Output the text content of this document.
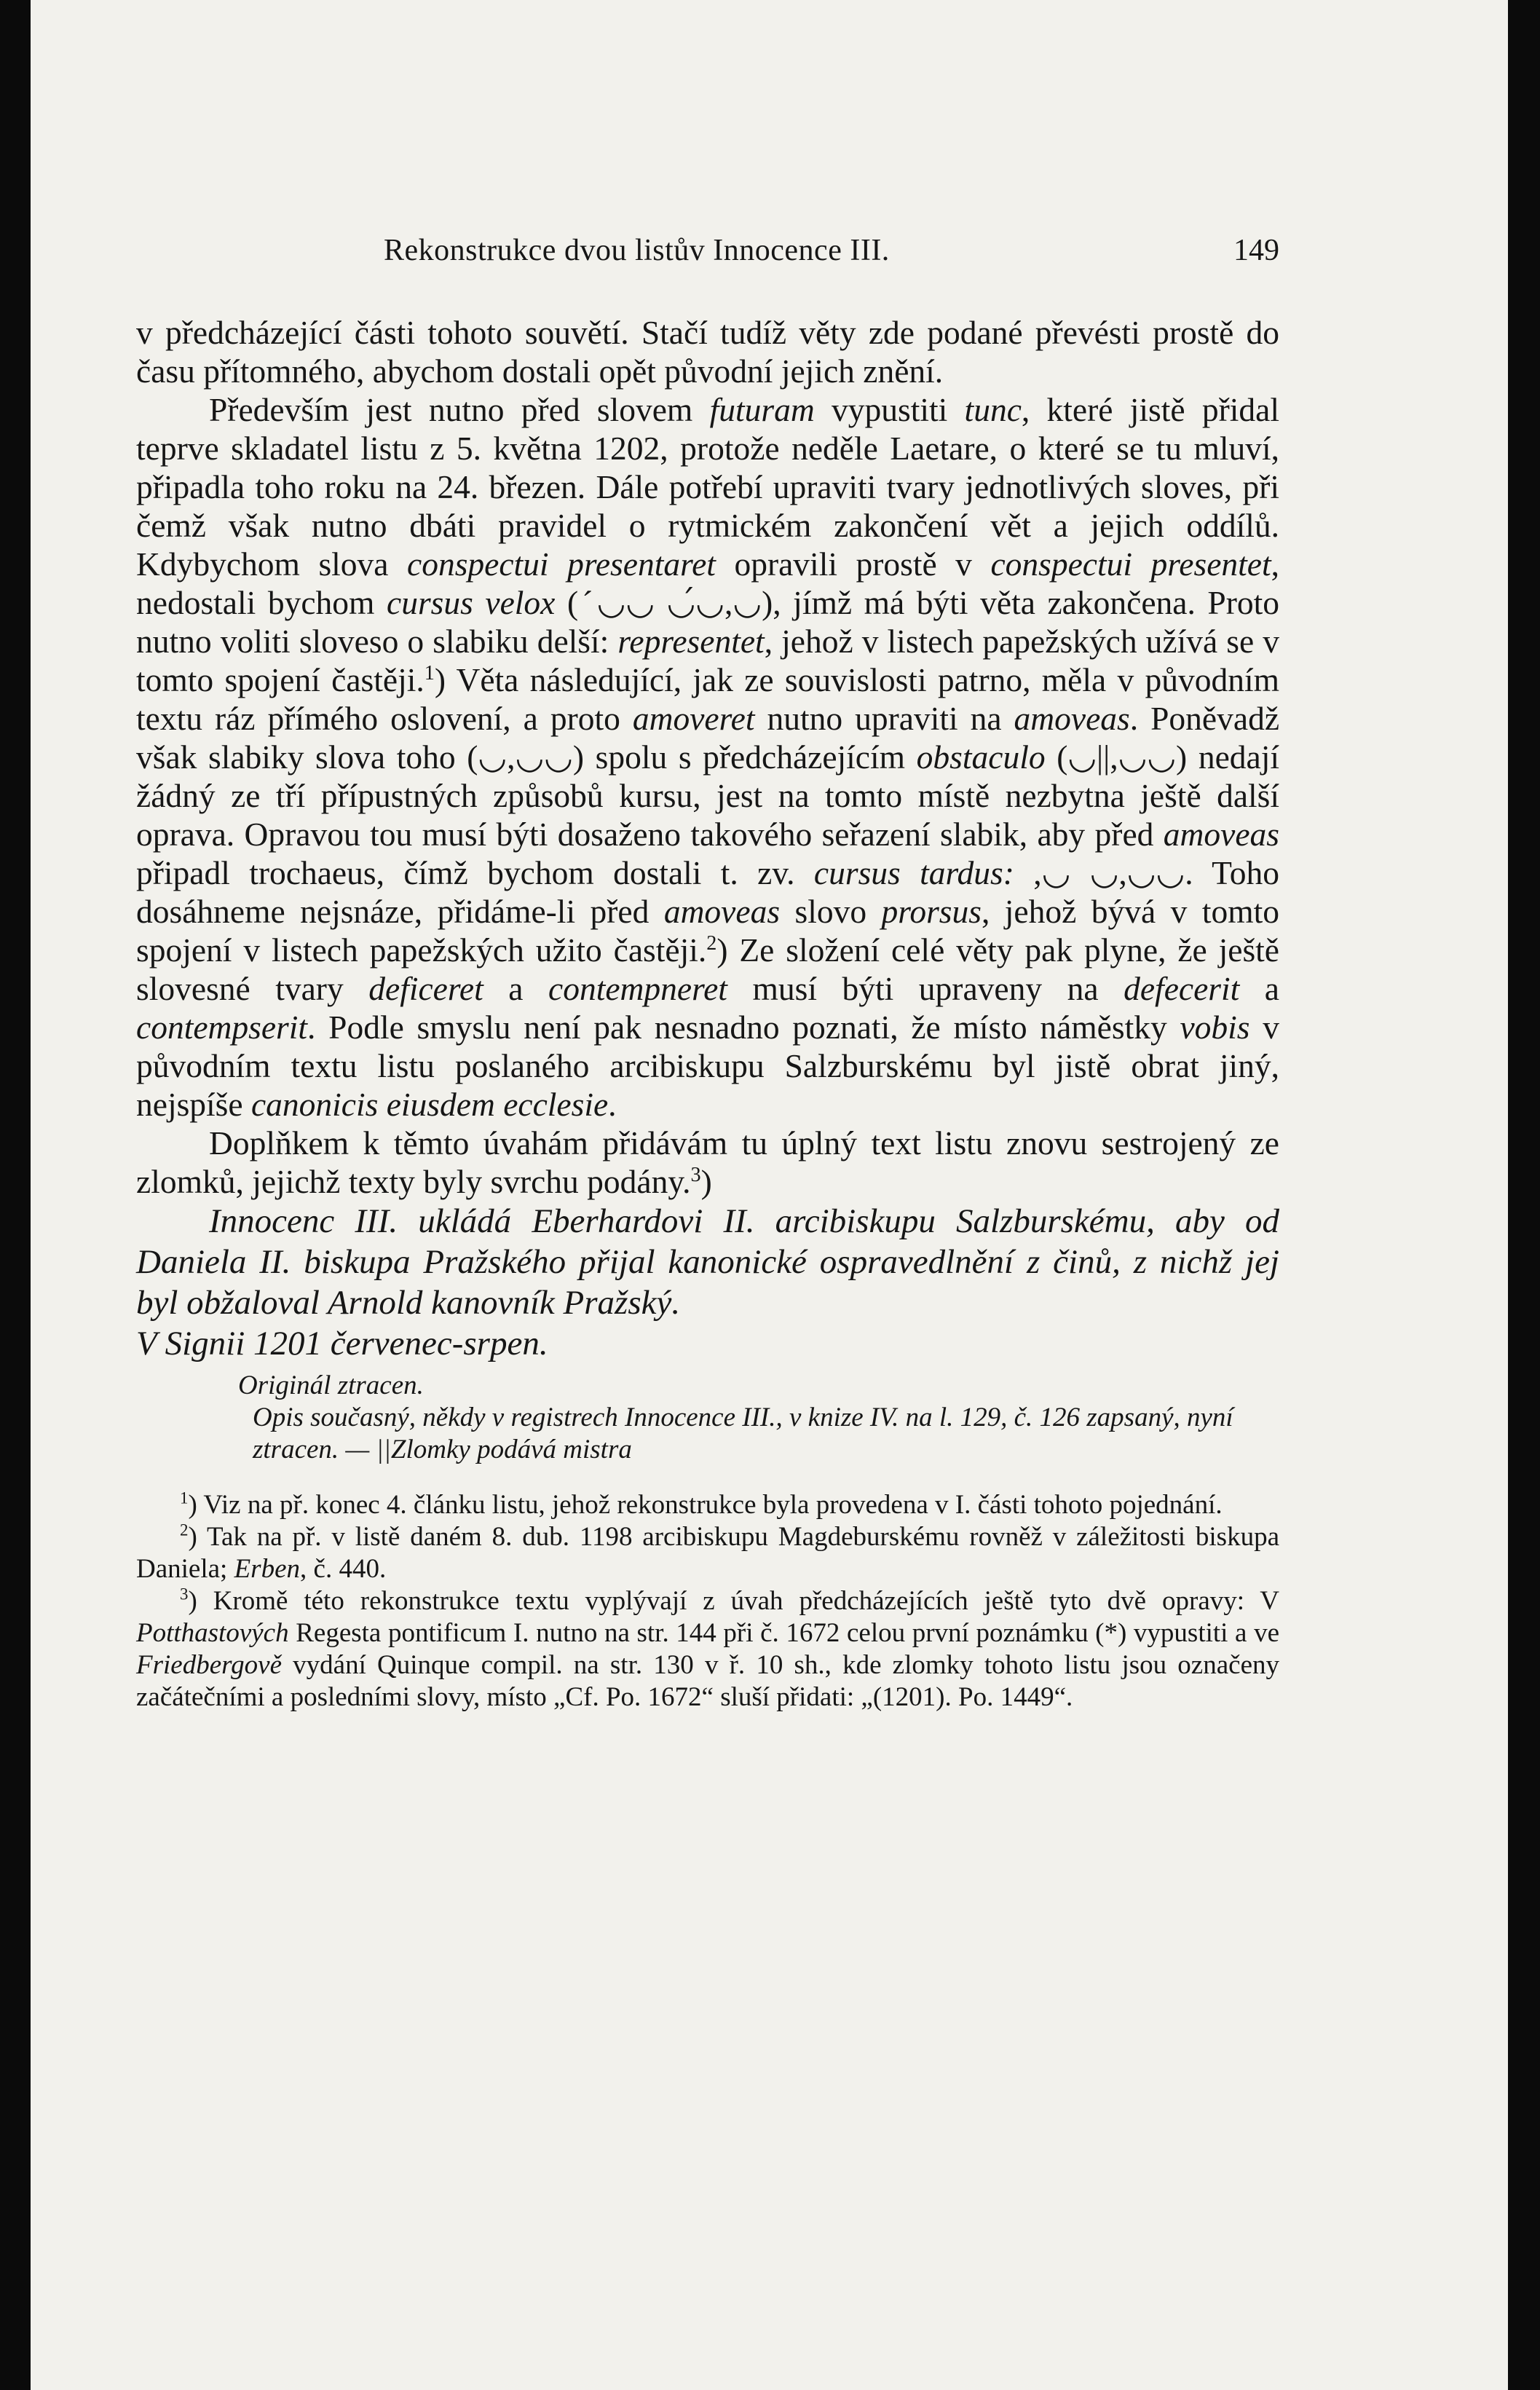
Rekonstrukce dvou listův Innocence III.	149

v předcházející části tohoto souvětí. Stačí tudíž věty zde podané převésti prostě do času přítomného, abychom dostali opět původní jejich znění.

Především jest nutno před slovem futuram vypustiti tunc, které jistě přidal teprve skladatel listu z 5. května 1202, protože neděle Laetare, o které se tu mluví, připadla toho roku na 24. březen. Dále potřebí upraviti tvary jednotlivých sloves, při čemž však nutno dbáti pravidel o rytmickém zakončení vět a jejich oddílů. Kdybychom slova conspectui presentaret opravili prostě v conspectui presentet, nedostali bychom cursus velox (ˊ◡◡ ◡́◡,◡), jímž má býti věta zakončena. Proto nutno voliti sloveso o slabiku delší: representet, jehož v listech papežských užívá se v tomto spojení častěji.$^1$) Věta následující, jak ze souvislosti patrno, měla v původním textu ráz přímého oslovení, a proto amoveret nutno upraviti na amoveas. Poněvadž však slabiky slova toho (◡,◡◡) spolu s předcházejícím obstaculo (◡||,◡◡) nedají žádný ze tří přípustných způsobů kursu, jest na tomto místě nezbytna ještě další oprava. Opravou tou musí býti dosaženo takového seřazení slabik, aby před amoveas připadl trochaeus, čímž bychom dostali t. zv. cursus tardus: ,◡ ◡,◡◡. Toho dosáhneme nejsnáze, přidáme-li před amoveas slovo prorsus, jehož bývá v tomto spojení v listech papežských užito častěji.$^2$) Ze složení celé věty pak plyne, že ještě slovesné tvary deficeret a contempneret musí býti upraveny na defecerit a contempserit. Podle smyslu není pak nesnadno poznati, že místo náměstky vobis v původním textu listu poslaného arcibiskupu Salzburskému byl jistě obrat jiný, nejspíše canonicis eiusdem ecclesie.

Doplňkem k těmto úvahám přidávám tu úplný text listu znovu sestrojený ze zlomků, jejichž texty byly svrchu podány.$^3$)

Innocenc III. ukládá Eberhardovi II. arcibiskupu Salzburskému, aby od Daniela II. biskupa Pražského přijal kanonické ospravedlnění z činů, z nichž jej byl obžaloval Arnold kanovník Pražský.

V Signii 1201 červenec-srpen.

Originál ztracen.
Opis současný, někdy v registrech Innocence III., v knize IV. na l. 129, č. 126 zapsaný, nyní ztracen. — ||Zlomky podává mistra

$^1$) Viz na př. konec 4. článku listu, jehož rekonstrukce byla provedena v I. části tohoto pojednání.

$^2$) Tak na př. v listě daném 8. dub. 1198 arcibiskupu Magdeburskému rovněž v záležitosti biskupa Daniela; Erben, č. 440.

$^3$) Kromě této rekonstrukce textu vyplývají z úvah předcházejících ještě tyto dvě opravy: V Potthastových Regesta pontificum I. nutno na str. 144 při č. 1672 celou první poznámku (*) vypustiti a ve Friedbergově vydání Quinque compil. na str. 130 v ř. 10 sh., kde zlomky tohoto listu jsou označeny začátečními a posledními slovy, místo „Cf. Po. 1672“ sluší přidati: „(1201). Po. 1449“.
